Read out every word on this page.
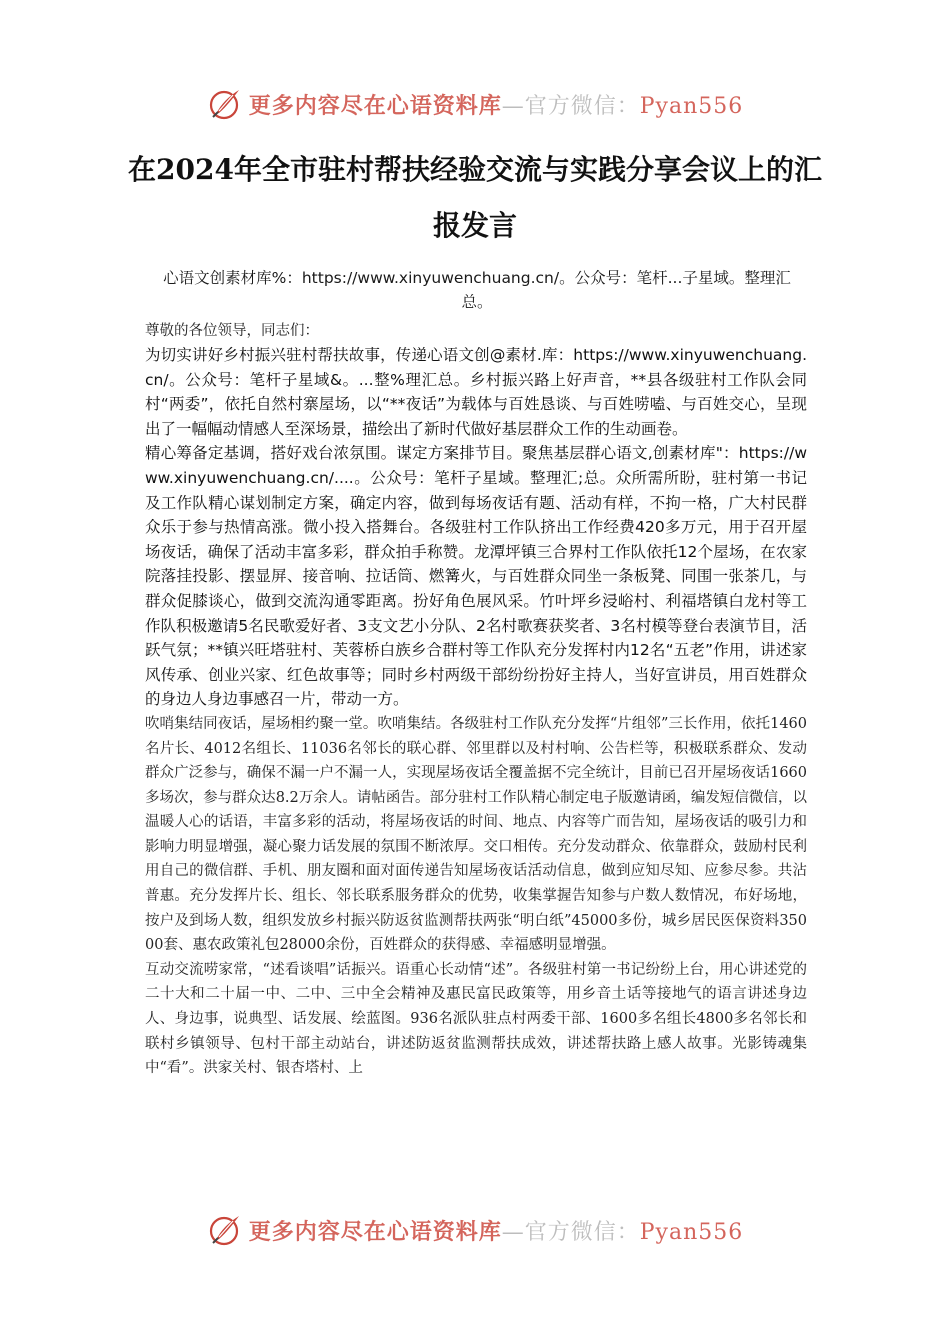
更多内容尽在心语资料库—官方微信：Pyan556
在2024年全市驻村帮扶经验交流与实践分享会议上的汇报发言
心语文创素材库%：https://www.xinyuwenchuang.cn/。公众号：笔杆...子星域。整理汇总。

尊敬的各位领导，同志们：

为切实讲好乡村振兴驻村帮扶故事，传递心语文创@素材.库：https://www.xinyuwenchuang.cn/。公众号：笔杆子星域&。...整%理汇总。乡村振兴路上好声音，**县各级驻村工作队会同村“两委”，依托自然村寨屋场，以“**夜话”为载体与百姓恳谈、与百姓唠嗑、与百姓交心，呈现出了一幅幅动情感人至深场景，描绘出了新时代做好基层群众工作的生动画卷。

精心筹备定基调，搭好戏台浓氛围。谋定方案排节目。聚焦基层群心语文,创素材库"：https://www.xinyuwenchuang.cn/....。公众号：笔杆子星域。整理汇;总。众所需所盼，驻村第一书记及工作队精心谋划制定方案，确定内容，做到每场夜话有题、活动有样，不拘一格，广大村民群众乐于参与热情高涨。微小投入搭舞台。各级驻村工作队挤出工作经费420多万元，用于召开屋场夜话，确保了活动丰富多彩，群众拍手称赞。龙潭坪镇三合界村工作队依托12个屋场，在农家院落挂投影、摆显屏、接音响、拉话筒、燃篝火，与百姓群众同坐一条板凳、同围一张茶几，与群众促膝谈心，做到交流沟通零距离。扮好角色展风采。竹叶坪乡浸峪村、利福塔镇白龙村等工作队积极邀请5名民歌爱好者、3支文艺小分队、2名村歌赛获奖者、3名村模等登台表演节目，活跃气氛；**镇兴旺塔驻村、芙蓉桥白族乡合群村等工作队充分发挥村内12名“五老”作用，讲述家风传承、创业兴家、红色故事等；同时乡村两级干部纷纷扮好主持人，当好宣讲员，用百姓群众的身边人身边事感召一片，带动一方。

吹哨集结同夜话，屋场相约聚一堂。吹哨集结。各级驻村工作队充分发挥“片组邻”三长作用，依托1460名片长、4012名组长、11036名邻长的联心群、邻里群以及村村响、公告栏等，积极联系群众、发动群众广泛参与，确保不漏一户不漏一人，实现屋场夜话全覆盖据不完全统计，目前已召开屋场夜话1660多场次，参与群众达8.2万余人。请帖函告。部分驻村工作队精心制定电子版邀请函，编发短信微信，以温暖人心的话语，丰富多彩的活动，将屋场夜话的时间、地点、内容等广而告知，屋场夜话的吸引力和影响力明显增强，凝心聚力话发展的氛围不断浓厚。交口相传。充分发动群众、依靠群众，鼓励村民利用自己的微信群、手机、朋友圈和面对面传递告知屋场夜话活动信息，做到应知尽知、应参尽参。共沾普惠。充分发挥片长、组长、邻长联系服务群众的优势，收集掌握告知参与户数人数情况，布好场地，按户及到场人数，组织发放乡村振兴防返贫监测帮扶两张“明白纸”45000多份，城乡居民医保资料35000套、惠农政策礼包28000余份，百姓群众的获得感、幸福感明显增强。

互动交流唠家常，“述看谈唱”话振兴。语重心长动情“述”。各级驻村第一书记纷纷上台，用心讲述党的二十大和二十届一中、二中、三中全会精神及惠民富民政策等，用乡音土话等接地气的语言讲述身边人、身边事，说典型、话发展、绘蓝图。936名派队驻点村两委干部、1600多名组长4800多名邻长和联村乡镇领导、包村干部主动站台，讲述防返贫监测帮扶成效，讲述帮扶路上感人故事。光影铸魂集中“看”。洪家关村、银杏塔村、上

更多内容尽在心语资料库—官方微信：Pyan556
